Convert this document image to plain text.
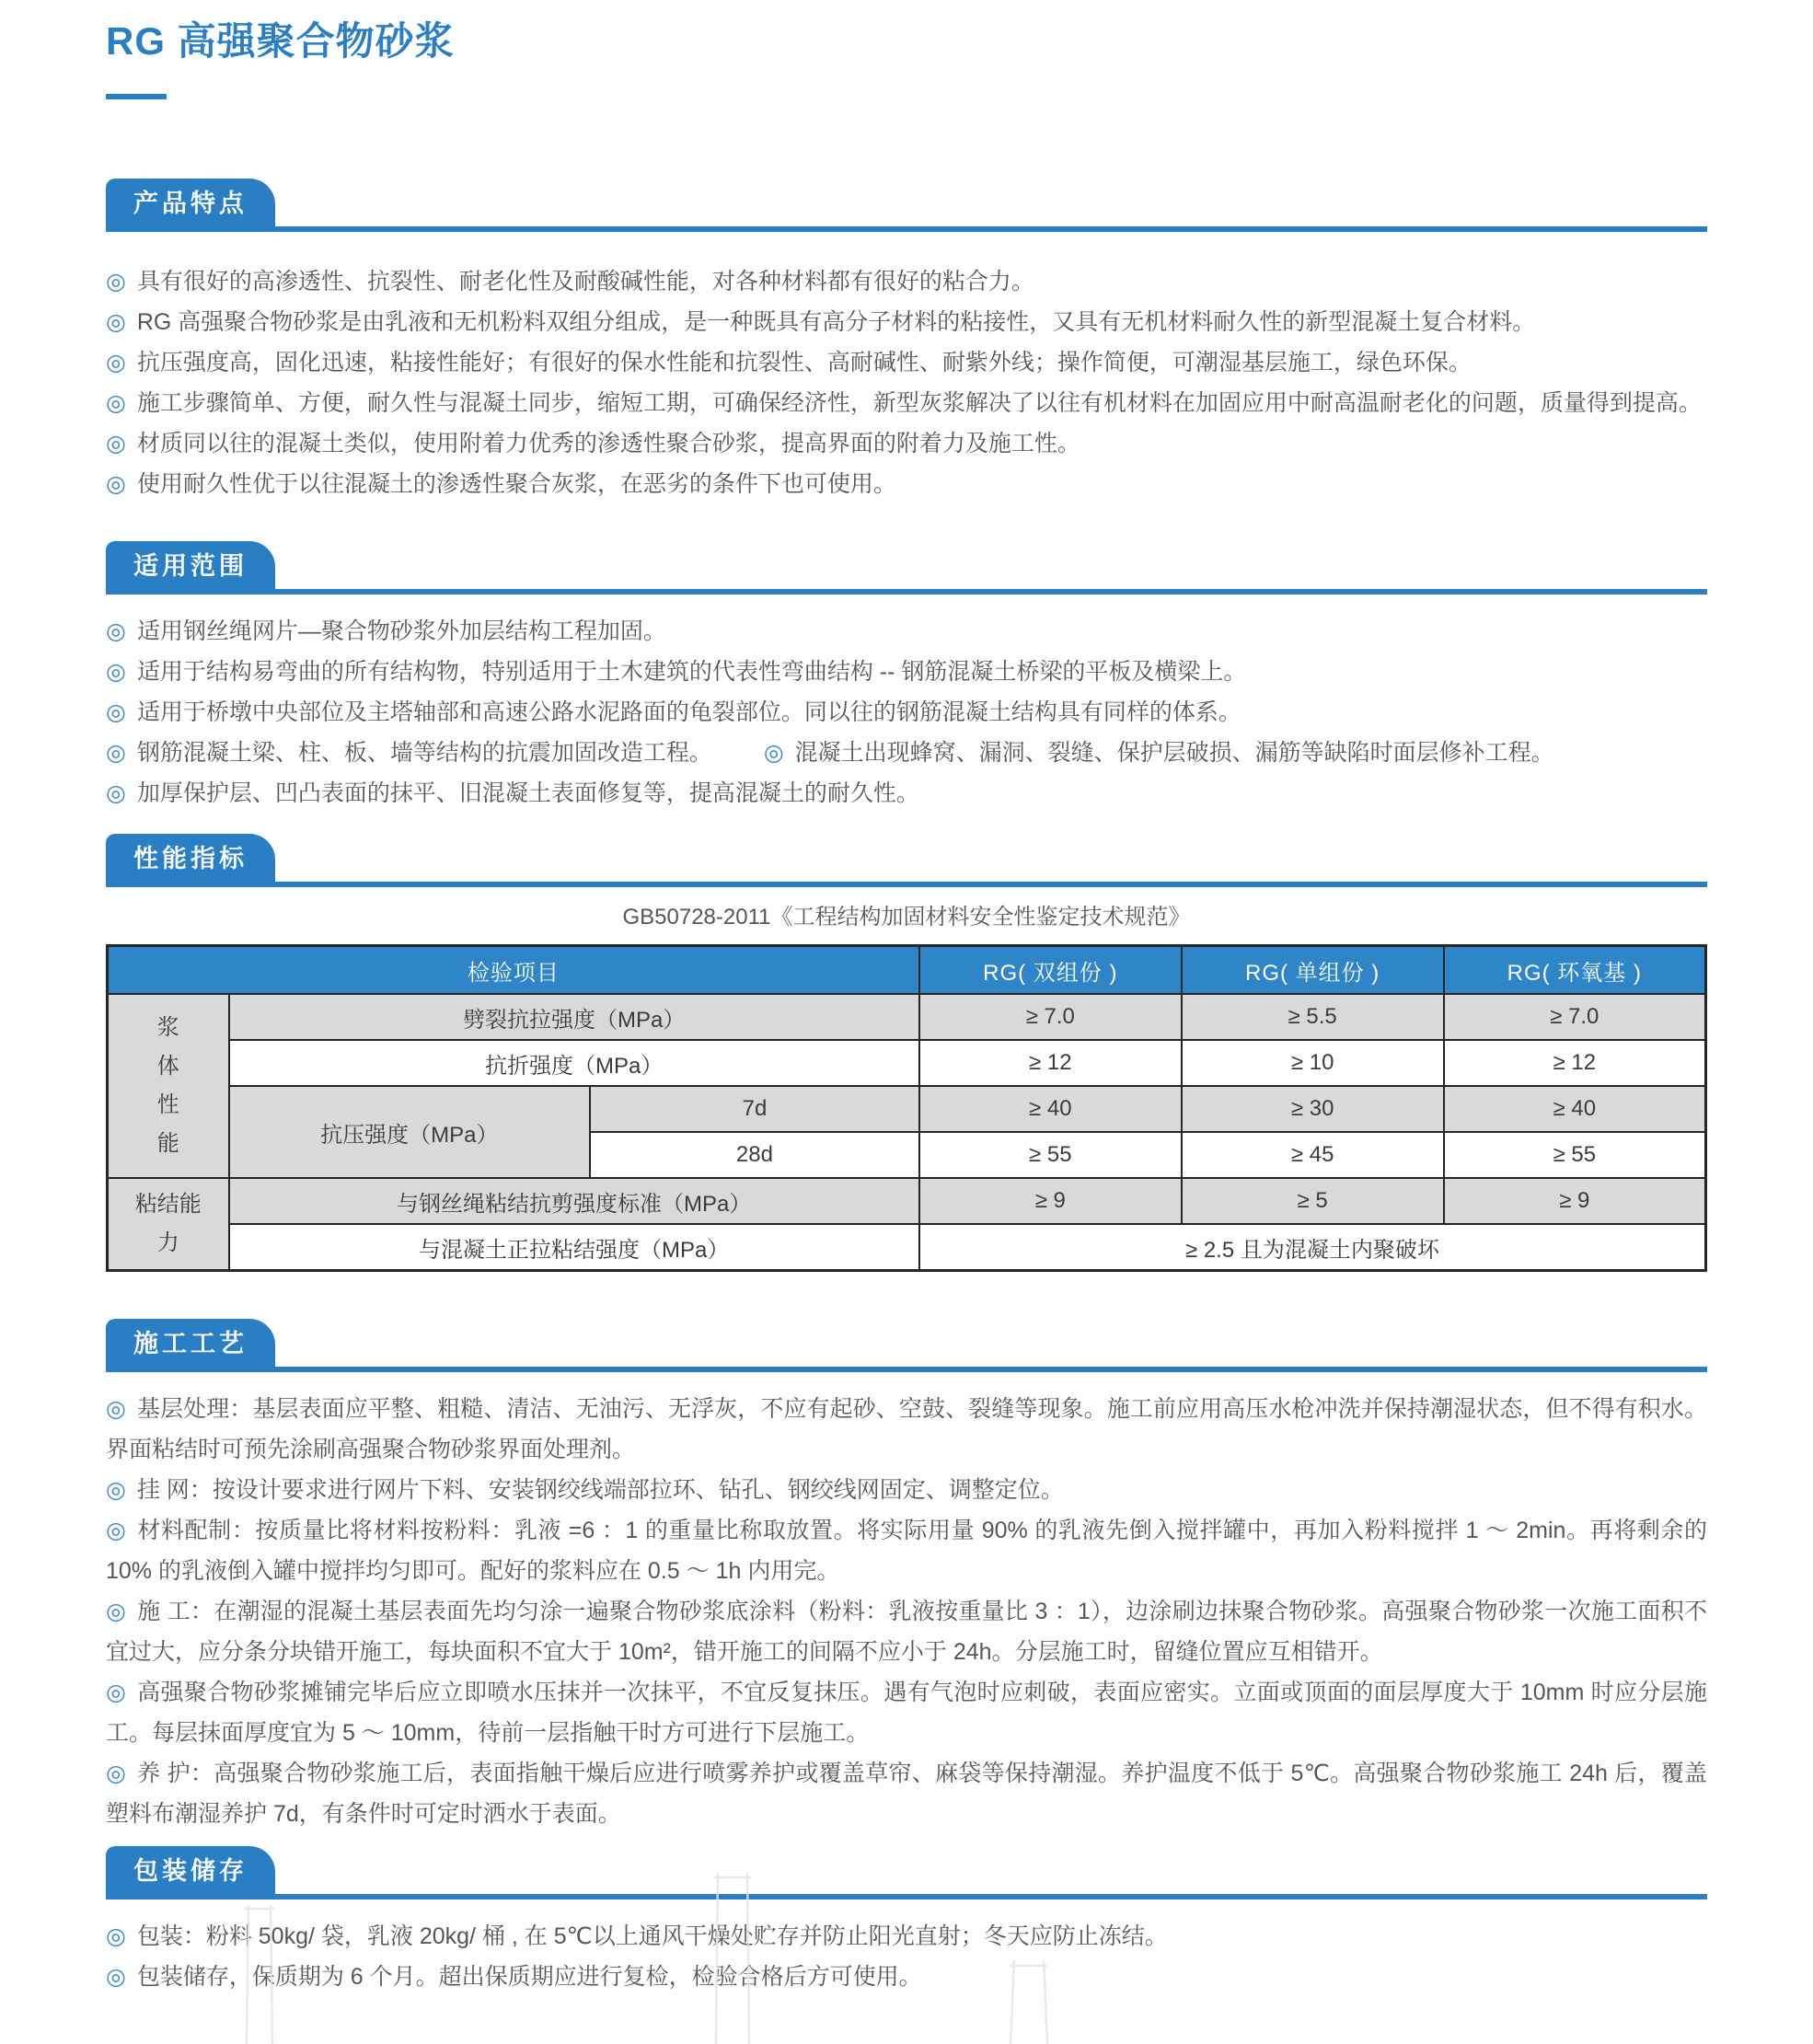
RG 高强聚合物砂浆
产品特点

◎ 具有很好的高渗透性、抗裂性、耐老化性及耐酸碱性能，对各种材料都有很好的粘合力。

◎ RG 高强聚合物砂浆是由乳液和无机粉料双组分组成，是一种既具有高分子材料的粘接性，又具有无机材料耐久性的新型混凝土复合材料。

◎ 抗压强度高，固化迅速，粘接性能好；有很好的保水性能和抗裂性、高耐碱性、耐紫外线；操作简便，可潮湿基层施工，绿色环保。

◎ 施工步骤简单、方便，耐久性与混凝土同步，缩短工期，可确保经济性，新型灰浆解决了以往有机材料在加固应用中耐高温耐老化的问题，质量得到提高。

◎ 材质同以往的混凝土类似，使用附着力优秀的渗透性聚合砂浆，提高界面的附着力及施工性。

◎ 使用耐久性优于以往混凝土的渗透性聚合灰浆，在恶劣的条件下也可使用。

适用范围

◎ 适用钢丝绳网片—聚合物砂浆外加层结构工程加固。

◎ 适用于结构易弯曲的所有结构物，特别适用于土木建筑的代表性弯曲结构 -- 钢筋混凝土桥梁的平板及横梁上。

◎ 适用于桥墩中央部位及主塔轴部和高速公路水泥路面的龟裂部位。同以往的钢筋混凝土结构具有同样的体系。

◎ 钢筋混凝土梁、柱、板、墙等结构的抗震加固改造工程。 ◎ 混凝土出现蜂窝、漏洞、裂缝、保护层破损、漏筋等缺陷时面层修补工程。

◎ 加厚保护层、凹凸表面的抹平、旧混凝土表面修复等，提高混凝土的耐久性。

性能指标
GB50728-2011《工程结构加固材料安全性鉴定技术规范》
检验项目			RG( 双组份 )	RG( 单组份 )	RG( 环氧基 )
浆体性能	劈裂抗拉强度（MPa）		≥ 7.0	≥ 5.5	≥ 7.0
	抗折强度（MPa）		≥ 12	≥ 10	≥ 12
	抗压强度（MPa）	7d	≥ 40	≥ 30	≥ 40
		28d	≥ 55	≥ 45	≥ 55
粘结能力	与钢丝绳粘结抗剪强度标准（MPa）		≥ 9	≥ 5	≥ 9
	与混凝土正拉粘结强度（MPa）		≥ 2.5 且为混凝土内聚破坏		
施工工艺

◎ 基层处理：基层表面应平整、粗糙、清洁、无油污、无浮灰，不应有起砂、空鼓、裂缝等现象。施工前应用高压水枪冲洗并保持潮湿状态，但不得有积水。界面粘结时可预先涂刷高强聚合物砂浆界面处理剂。

◎ 挂 网：按设计要求进行网片下料、安装钢绞线端部拉环、钻孔、钢绞线网固定、调整定位。

◎ 材料配制：按质量比将材料按粉料：乳液 =6 ：1 的重量比称取放置。将实际用量 90% 的乳液先倒入搅拌罐中，再加入粉料搅拌 1 ～ 2min。再将剩余的 10% 的乳液倒入罐中搅拌均匀即可。配好的浆料应在 0.5 ～ 1h 内用完。

◎ 施 工：在潮湿的混凝土基层表面先均匀涂一遍聚合物砂浆底涂料（粉料：乳液按重量比 3 ：1），边涂刷边抹聚合物砂浆。高强聚合物砂浆一次施工面积不宜过大，应分条分块错开施工，每块面积不宜大于 10m²，错开施工的间隔不应小于 24h。分层施工时，留缝位置应互相错开。

◎ 高强聚合物砂浆摊铺完毕后应立即喷水压抹并一次抹平，不宜反复抹压。遇有气泡时应刺破，表面应密实。立面或顶面的面层厚度大于 10mm 时应分层施工。每层抹面厚度宜为 5 ～ 10mm，待前一层指触干时方可进行下层施工。

◎ 养 护：高强聚合物砂浆施工后，表面指触干燥后应进行喷雾养护或覆盖草帘、麻袋等保持潮湿。养护温度不低于 5℃。高强聚合物砂浆施工 24h 后，覆盖塑料布潮湿养护 7d，有条件时可定时洒水于表面。

包装储存

◎ 包装：粉料 50kg/ 袋，乳液 20kg/ 桶 , 在 5℃以上通风干燥处贮存并防止阳光直射；冬天应防止冻结。

◎ 包装储存，保质期为 6 个月。超出保质期应进行复检，检验合格后方可使用。
